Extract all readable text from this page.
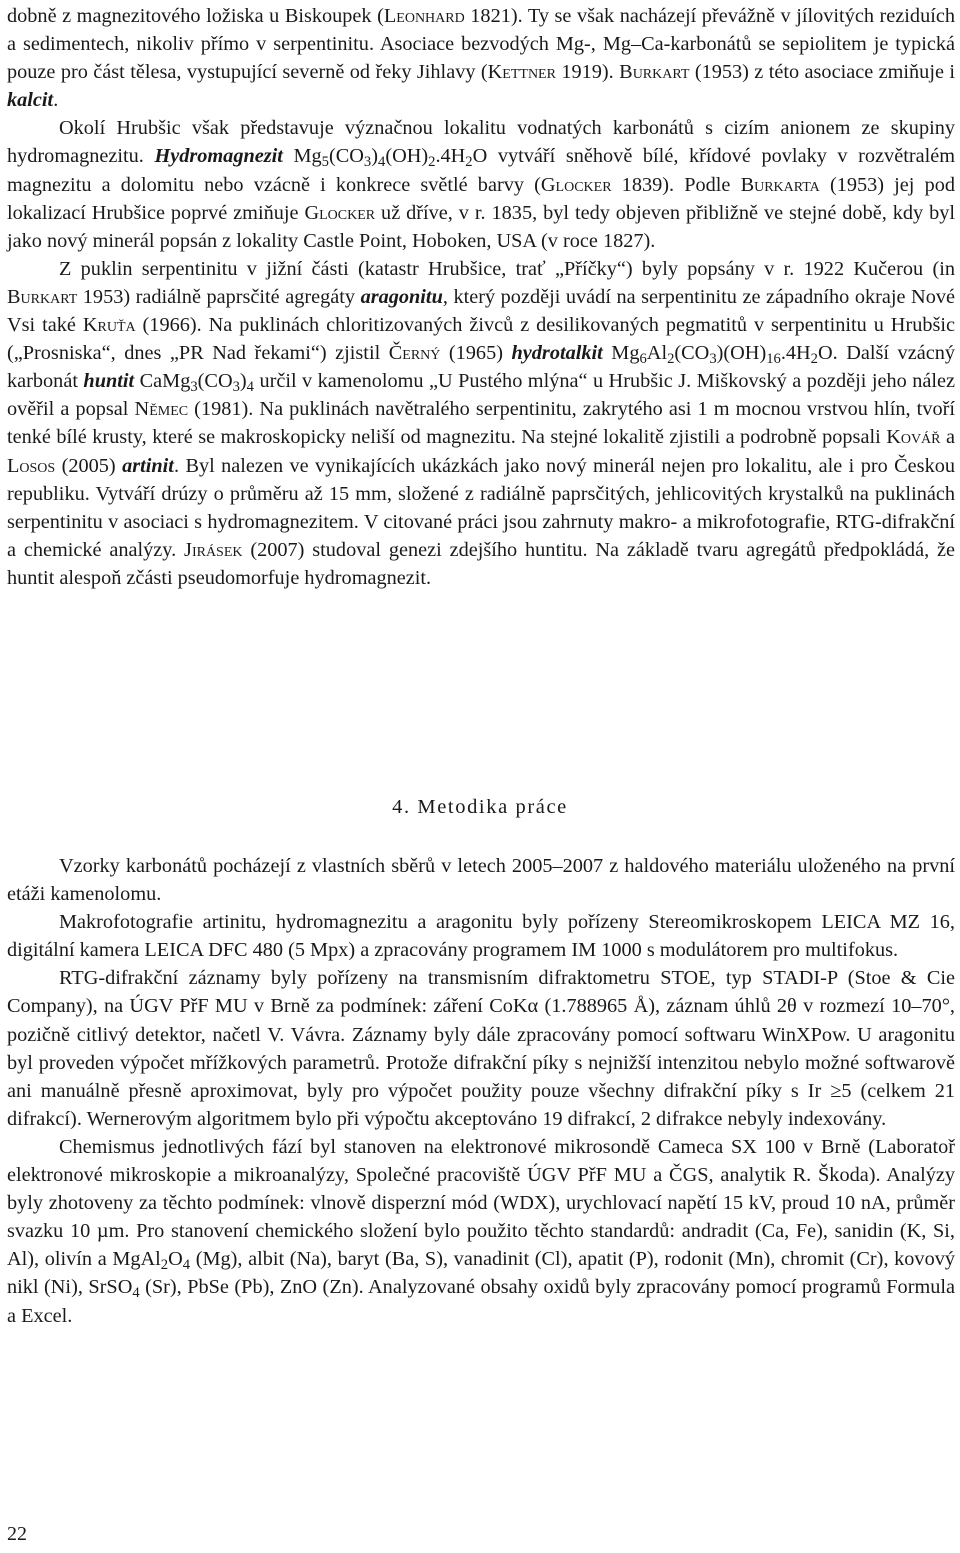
dobně z magnezitového ložiska u Biskoupek (Leonhard 1821). Ty se však nacházejí převážně v jílovitých reziduích a sedimentech, nikoliv přímo v serpentinitu. Asociace bezvodých Mg-, Mg–Ca-karbonátů se sepiolitem je typická pouze pro část tělesa, vystupující severně od řeky Jihlavy (Kettner 1919). Burkart (1953) z této asociace zmiňuje i kalcit.

Okolí Hrubšic však představuje význačnou lokalitu vodnatých karbonátů s cizím anionem ze skupiny hydromagnezitu. Hydromagnezit $Mg_5(CO_3)_4(OH)_2.4H_2O$ vytváří sněhově bílé, křídové povlaky v rozvětralém magnezitu a dolomitu nebo vzácně i konkrece světlé barvy (Glocker 1839). Podle Burkarta (1953) jej pod lokalizací Hrubšice poprvé zmiňuje Glocker už dříve, v r. 1835, byl tedy objeven přibližně ve stejné době, kdy byl jako nový minerál popsán z lokality Castle Point, Hoboken, USA (v roce 1827).

Z puklin serpentinitu v jižní části (katastr Hrubšice, trať „Příčky“) byly popsány v r. 1922 Kučerou (in Burkart 1953) radiálně paprsčité agregáty aragonitu, který později uvádí na serpentinitu ze západního okraje Nové Vsi také Kruťa (1966). Na puklinách chloritizovaných živců z desilikovaných pegmatitů v serpentinitu u Hrubšic („Prosniska“, dnes „PR Nad řekami“) zjistil Černý (1965) hydrotalkit $Mg_6Al_2(CO_3)(OH)_{16}.4H_2O$. Další vzácný karbonát huntit $CaMg_3(CO_3)_4$ určil v kamenolomu „U Pustého mlýna“ u Hrubšic J. Miškovský a později jeho nález ověřil a popsal Němec (1981). Na puklinách navětralého serpentinitu, zakrytého asi 1 m mocnou vrstvou hlín, tvoří tenké bílé krusty, které se makroskopicky neliší od magnezitu. Na stejné lokalitě zjistili a podrobně popsali Kovář a Losos (2005) artinit. Byl nalezen ve vynikajících ukázkách jako nový minerál nejen pro lokalitu, ale i pro Českou republiku. Vytváří drúzy o průměru až 15 mm, složené z radiálně paprsčitých, jehlicovitých krystalků na puklinách serpentinitu v asociaci s hydromagnezitem. V citované práci jsou zahrnuty makro- a mikrofotografie, RTG-difrakční a chemické analýzy. Jirásek (2007) studoval genezi zdejšího huntitu. Na základě tvaru agregátů předpokládá, že huntit alespoň zčásti pseudomorfuje hydromagnezit.

4. Metodika práce

Vzorky karbonátů pocházejí z vlastních sběrů v letech 2005–2007 z haldového materiálu uloženého na první etáži kamenolomu.

Makrofotografie artinitu, hydromagnezitu a aragonitu byly pořízeny Stereomikroskopem LEICA MZ 16, digitální kamera LEICA DFC 480 (5 Mpx) a zpracovány programem IM 1000 s modulátorem pro multifokus.

RTG-difrakční záznamy byly pořízeny na transmisním difraktometru STOE, typ STADI-P (Stoe & Cie Company), na ÚGV PřF MU v Brně za podmínek: záření CoKα (1.788965 Å), záznam úhlů 2θ v rozmezí 10–70°, pozičně citlivý detektor, načetl V. Vávra. Záznamy byly dále zpracovány pomocí softwaru WinXPow. U aragonitu byl proveden výpočet mřížkových parametrů. Protože difrakční píky s nejnižší intenzitou nebylo možné softwarově ani manuálně přesně aproximovat, byly pro výpočet použity pouze všechny difrakční píky s Ir ≥5 (celkem 21 difrakcí). Wernerovým algoritmem bylo při výpočtu akceptováno 19 difrakcí, 2 difrakce nebyly indexovány.

Chemismus jednotlivých fází byl stanoven na elektronové mikrosondě Cameca SX 100 v Brně (Laboratoř elektronové mikroskopie a mikroanalýzy, Společné pracoviště ÚGV PřF MU a ČGS, analytik R. Škoda). Analýzy byly zhotoveny za těchto podmínek: vlnově disperzní mód (WDX), urychlovací napětí 15 kV, proud 10 nA, průměr svazku 10 µm. Pro stanovení chemického složení bylo použito těchto standardů: andradit (Ca, Fe), sanidin (K, Si, Al), olivín a $MgAl_2O_4$ (Mg), albit (Na), baryt (Ba, S), vanadinit (Cl), apatit (P), rodonit (Mn), chromit (Cr), kovový nikl (Ni), SrSO$_4$ (Sr), PbSe (Pb), ZnO (Zn). Analyzované obsahy oxidů byly zpracovány pomocí programů Formula a Excel.

22
